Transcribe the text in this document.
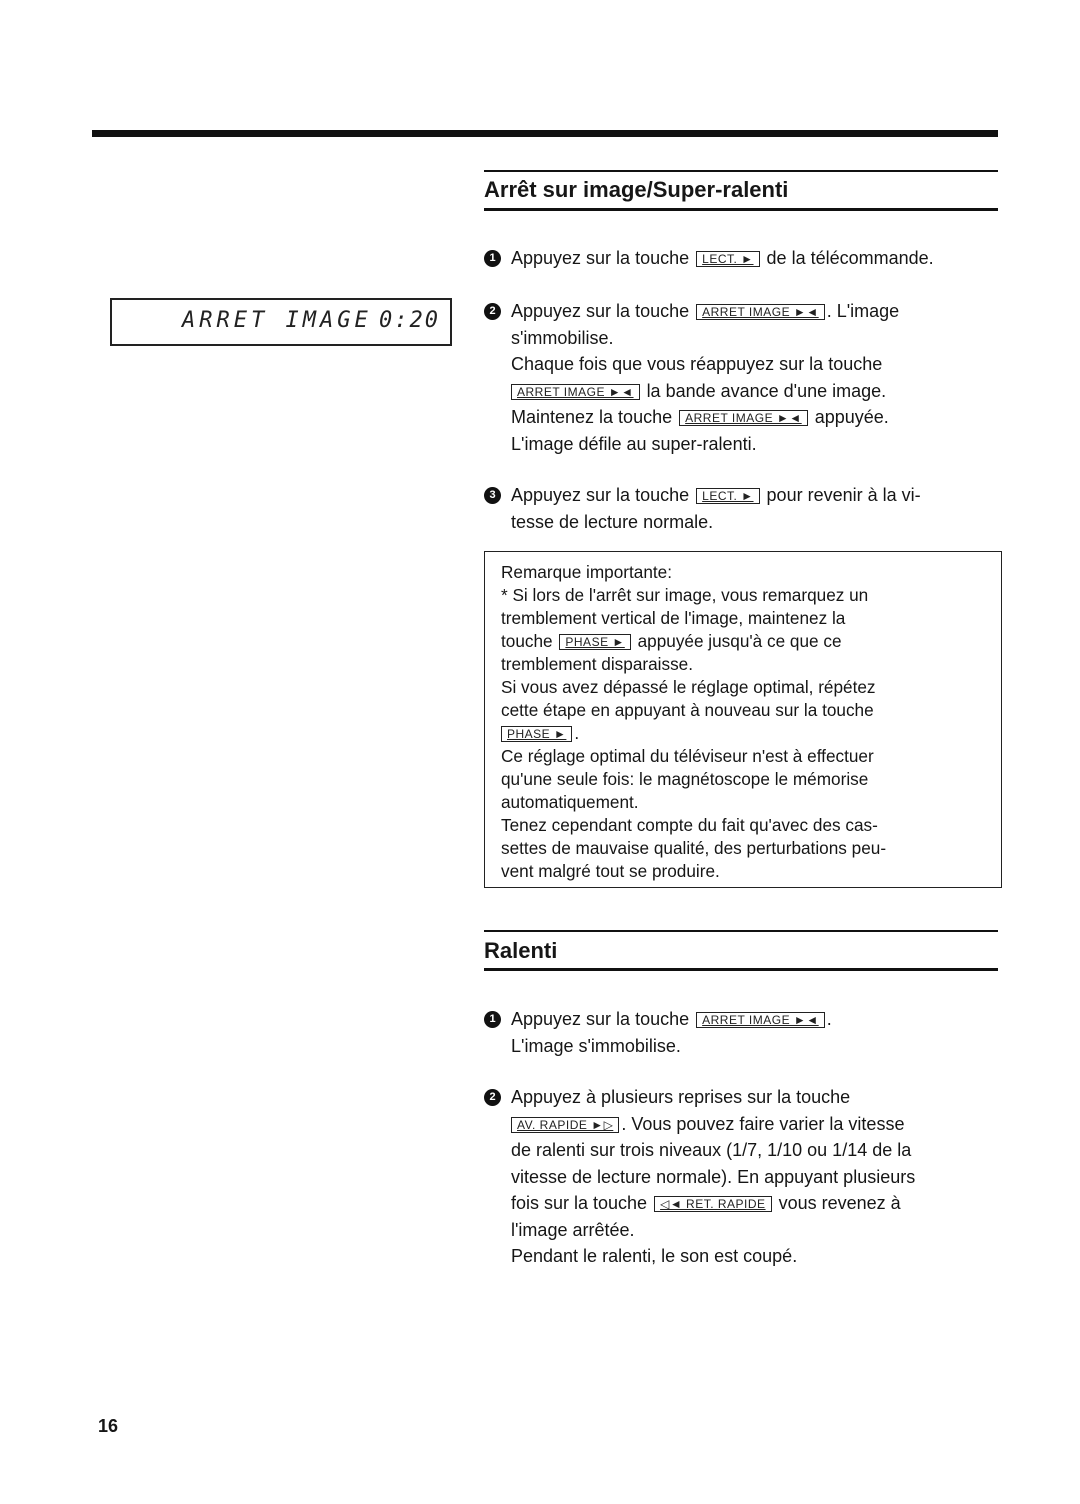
Arrêt sur image/Super-ralenti
ARRET IMAGE 0:20
1 Appuyez sur la touche LECT. ► de la télécommande.
2 Appuyez sur la touche ARRET IMAGE ►◄ . L'image
s'immobilise.
Chaque fois que vous réappuyez sur la touche
ARRET IMAGE ►◄ la bande avance d'une image.
Maintenez la touche ARRET IMAGE ►◄ appuyée.
L'image défile au super-ralenti.
3 Appuyez sur la touche LECT. ► pour revenir à la vi-
tesse de lecture normale.
Remarque importante:
* Si lors de l'arrêt sur image, vous remarquez un
tremblement vertical de l'image, maintenez la
touche PHASE ► appuyée jusqu'à ce que ce
tremblement disparaisse.
Si vous avez dépassé le réglage optimal, répétez
cette étape en appuyant à nouveau sur la touche
PHASE ► .
Ce réglage optimal du téléviseur n'est à effectuer
qu'une seule fois: le magnétoscope le mémorise
automatiquement.
Tenez cependant compte du fait qu'avec des cas-
settes de mauvaise qualité, des perturbations peu-
vent malgré tout se produire.
Ralenti
1 Appuyez sur la touche ARRET IMAGE ►◄ .
L'image s'immobilise.
2 Appuyez à plusieurs reprises sur la touche
AV. RAPIDE ►▷ . Vous pouvez faire varier la vitesse
de ralenti sur trois niveaux (1/7, 1/10 ou 1/14 de la
vitesse de lecture normale). En appuyant plusieurs
fois sur la touche ◁◄ RET. RAPIDE vous revenez à
l'image arrêtée.
Pendant le ralenti, le son est coupé.
16
